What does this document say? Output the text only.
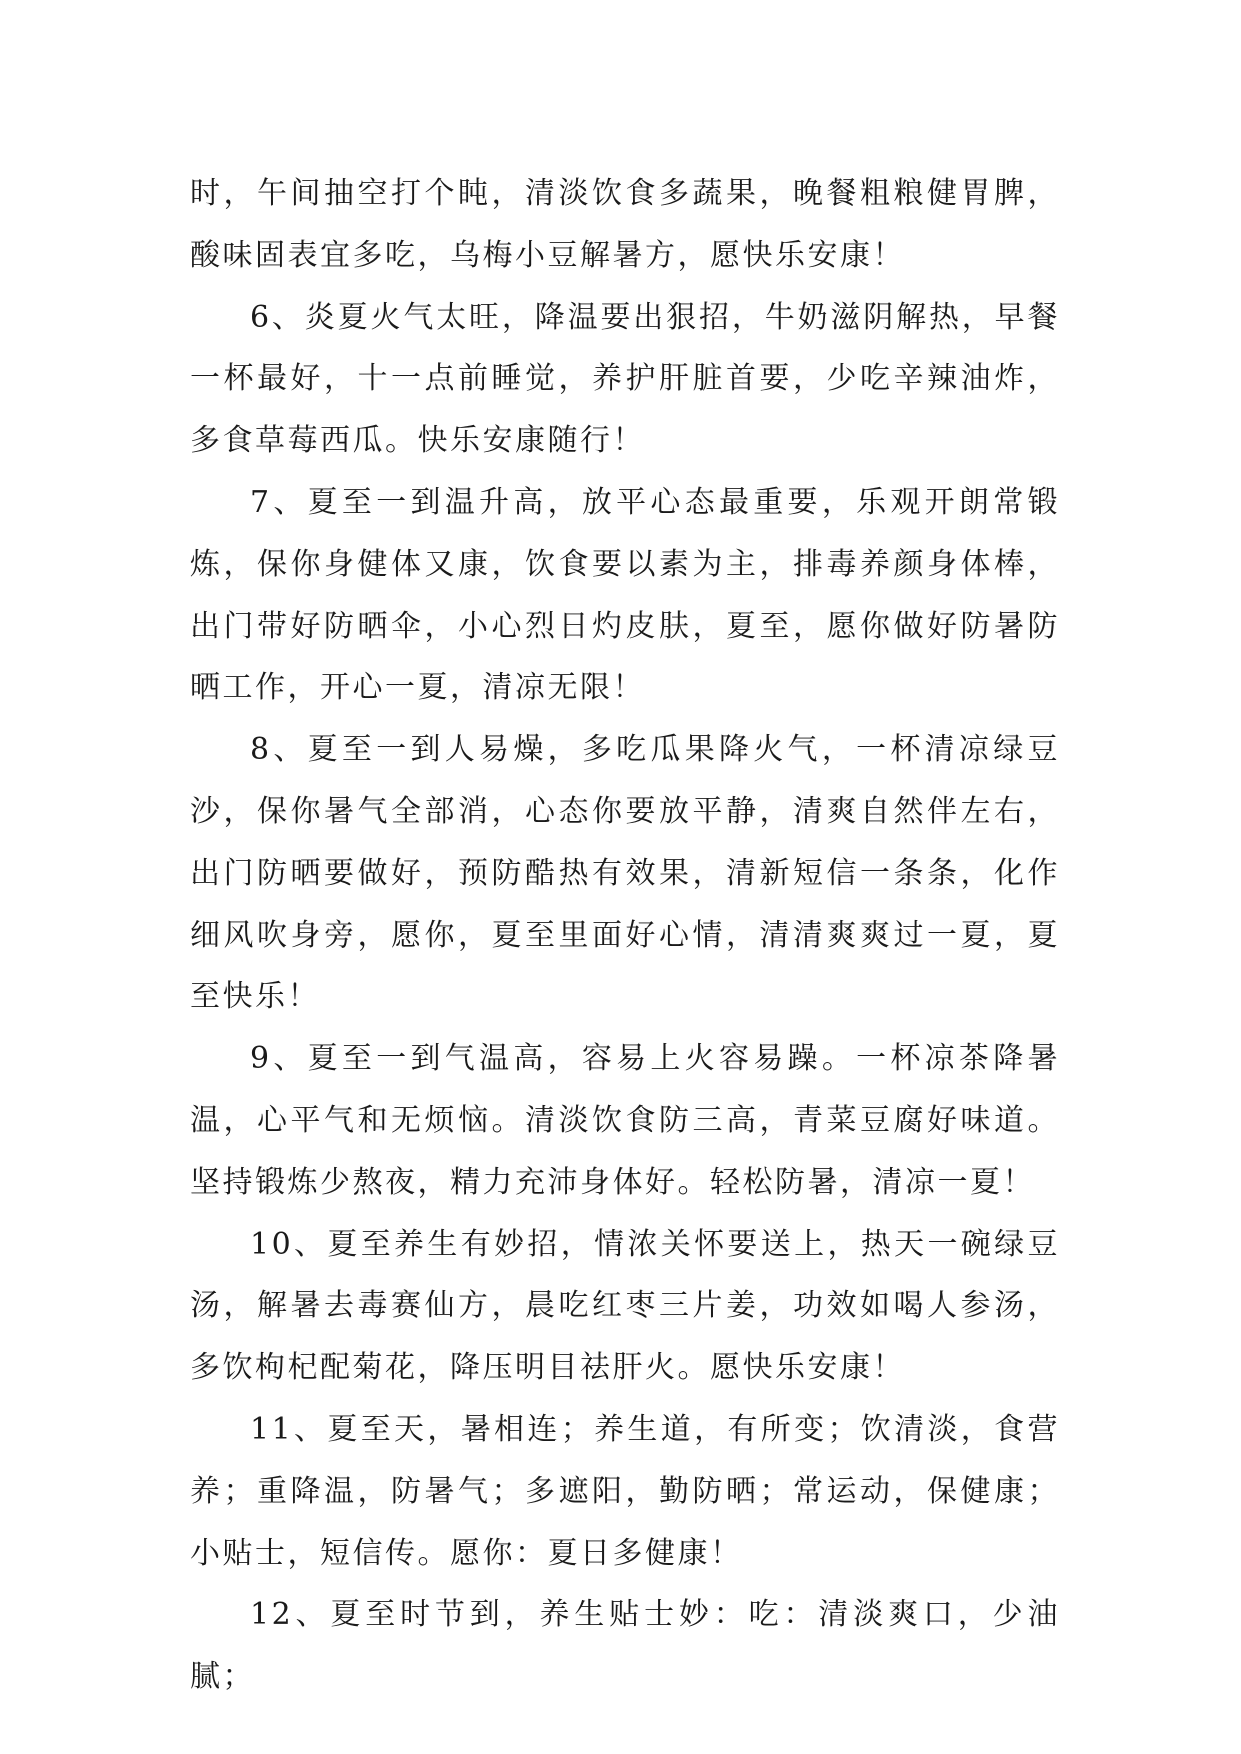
时，午间抽空打个盹，清淡饮食多蔬果，晚餐粗粮健胃脾，酸味固表宜多吃，乌梅小豆解暑方，愿快乐安康！

6、炎夏火气太旺，降温要出狠招，牛奶滋阴解热，早餐一杯最好，十一点前睡觉，养护肝脏首要，少吃辛辣油炸，多食草莓西瓜。快乐安康随行！

7、夏至一到温升高，放平心态最重要，乐观开朗常锻炼，保你身健体又康，饮食要以素为主，排毒养颜身体棒，出门带好防晒伞，小心烈日灼皮肤，夏至，愿你做好防暑防晒工作，开心一夏，清凉无限！

8、夏至一到人易燥，多吃瓜果降火气，一杯清凉绿豆沙，保你暑气全部消，心态你要放平静，清爽自然伴左右，出门防晒要做好，预防酷热有效果，清新短信一条条，化作细风吹身旁，愿你，夏至里面好心情，清清爽爽过一夏，夏至快乐！

9、夏至一到气温高，容易上火容易躁。一杯凉茶降暑温，心平气和无烦恼。清淡饮食防三高，青菜豆腐好味道。坚持锻炼少熬夜，精力充沛身体好。轻松防暑，清凉一夏！

10、夏至养生有妙招，情浓关怀要送上，热天一碗绿豆汤，解暑去毒赛仙方，晨吃红枣三片姜，功效如喝人参汤，多饮枸杞配菊花，降压明目祛肝火。愿快乐安康！

11、夏至天，暑相连；养生道，有所变；饮清淡，食营养；重降温，防暑气；多遮阳，勤防晒；常运动，保健康；小贴士，短信传。愿你：夏日多健康！

12、夏至时节到，养生贴士妙：吃：清淡爽口，少油腻；
